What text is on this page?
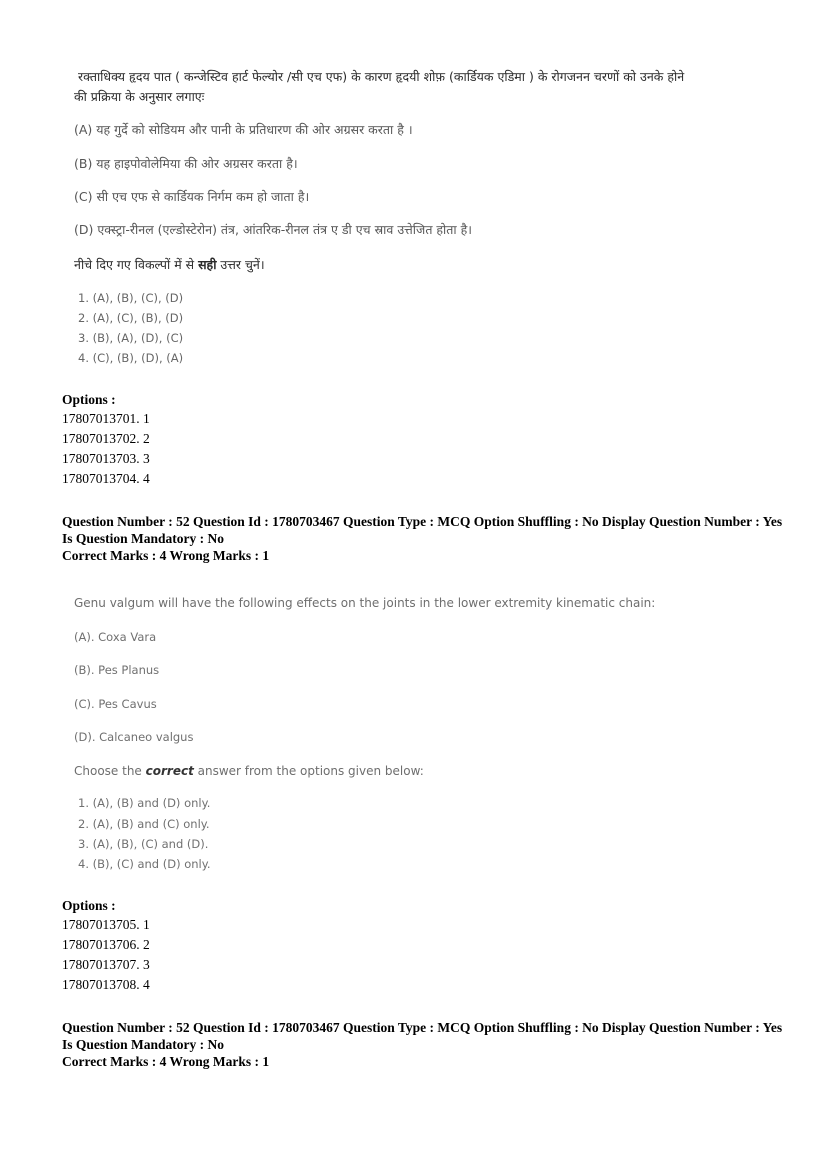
रक्ताधिक्य हृदय पात ( कन्जेस्टिव हार्ट फेल्योर /सी एच एफ) के कारण हृदयी शोफ़ (कार्डियक एडिमा ) के रोगजनन चरणों को उनके होने
की प्रक्रिया के अनुसार लगाएः
(A) यह गुर्दे को सोडियम और पानी के प्रतिधारण की ओर अग्रसर करता है ।
(B) यह हाइपोवोलेमिया की ओर अग्रसर करता है।
(C) सी एच एफ से कार्डियक निर्गम कम हो जाता है।
(D) एक्स्ट्रा-रीनल (एल्डोस्टेरोन) तंत्र, आंतरिक-रीनल तंत्र ए डी एच स्राव उत्तेजित होता है।
नीचे दिए गए विकल्पों में से सही उत्तर चुनें।
1. (A), (B), (C), (D)
2. (A), (C), (B), (D)
3. (B), (A), (D), (C)
4. (C), (B), (D), (A)
Options :
17807013701. 1
17807013702. 2
17807013703. 3
17807013704. 4
Question Number : 52 Question Id : 1780703467 Question Type : MCQ Option Shuffling : No Display Question Number : Yes
Is Question Mandatory : No
Correct Marks : 4 Wrong Marks : 1
Genu valgum will have the following effects on the joints in the lower extremity kinematic chain:
(A). Coxa Vara
(B). Pes Planus
(C). Pes Cavus
(D). Calcaneo valgus
Choose the correct answer from the options given below:
1. (A), (B) and (D) only.
2. (A), (B) and (C) only.
3. (A), (B), (C) and (D).
4. (B), (C) and (D) only.
Options :
17807013705. 1
17807013706. 2
17807013707. 3
17807013708. 4
Question Number : 52 Question Id : 1780703467 Question Type : MCQ Option Shuffling : No Display Question Number : Yes
Is Question Mandatory : No
Correct Marks : 4 Wrong Marks : 1
